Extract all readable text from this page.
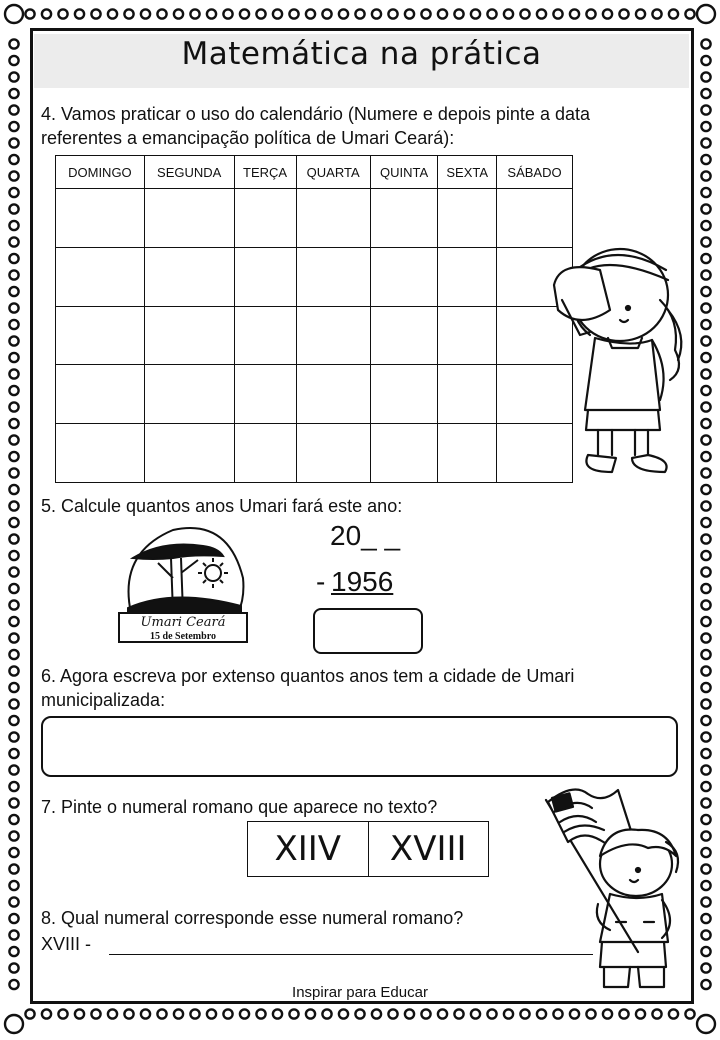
Matemática na prática
4. Vamos praticar o uso do calendário (Numere e depois pinte a data
referentes a emancipação política de Umari Ceará):
DOMINGO	SEGUNDA	TERÇA	QUARTA	QUINTA	SEXTA	SÁBADO

5. Calcule quantos anos Umari fará este ano:
Umari Ceará
15 de Setembro
20_ _
- 1956
6. Agora escreva por extenso quantos anos tem a cidade de Umari
municipalizada:
7. Pinte o numeral romano que aparece no texto?
XIIV	XVIII
8. Qual numeral corresponde esse numeral romano?
XVIII -
Inspirar para Educar
